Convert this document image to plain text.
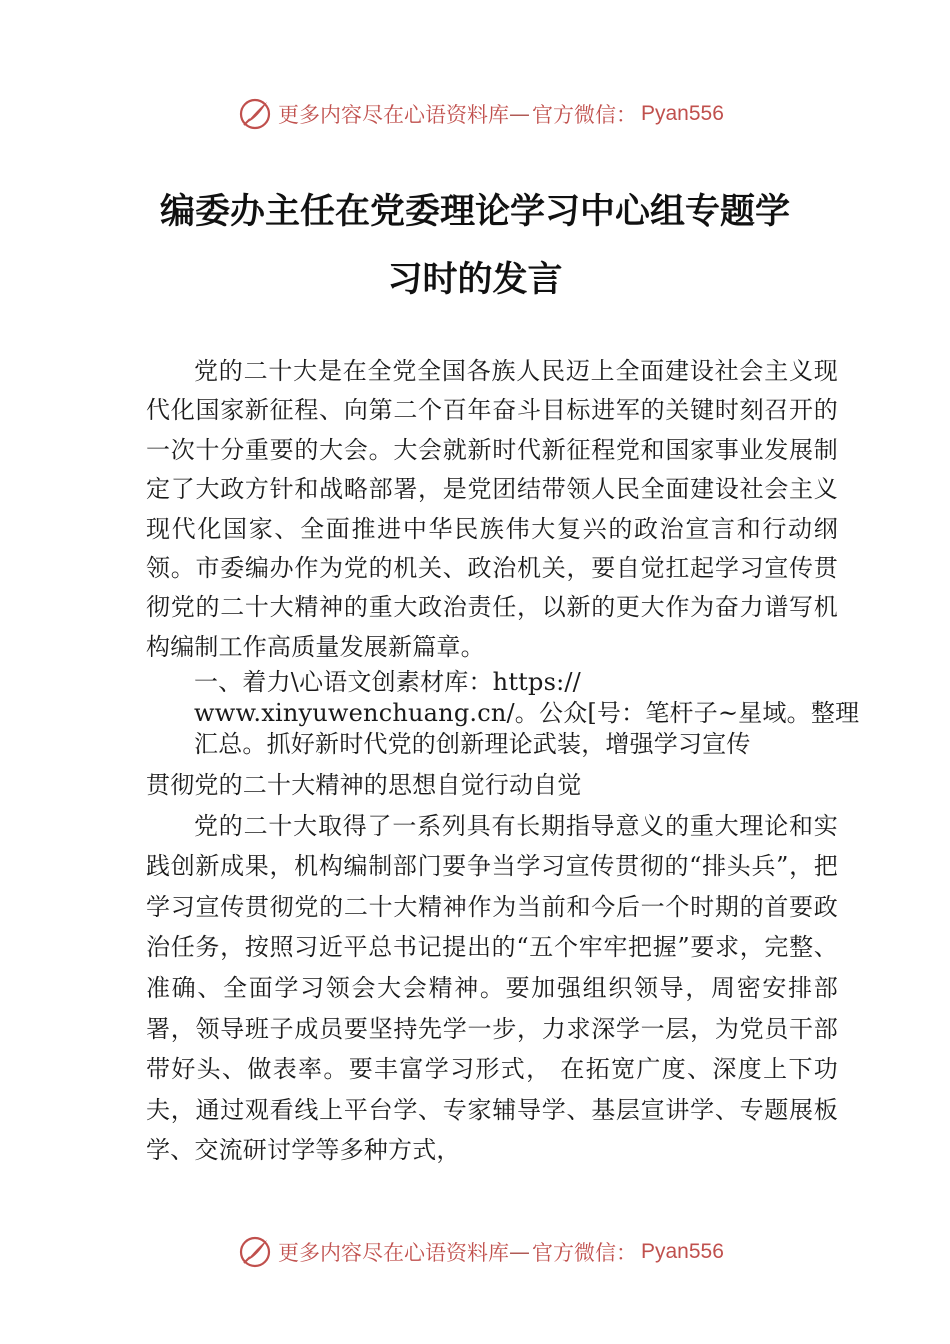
更多内容尽在心语资料库 — 官方微信： Pyan556
编委办主任在党委理论学习中心组专题学
习时的发言

党的二十大是在全党全国各族人民迈上全面建设社会主义现代化国家新征程、向第二个百年奋斗目标进军的关键时刻召开的一次十分重要的大会。大会就新时代新征程党和国家事业发展制定了大政方针和战略部署，是党团结带领人民全面建设社会主义现代化国家、全面推进中华民族伟大复兴的政治宣言和行动纲领。市委编办作为党的机关、政治机关，要自觉扛起学习宣传贯彻党的二十大精神的重大政治责任，以新的更大作为奋力谱写机构编制工作高质量发展新篇章。

一、着力\心语文创素材库：https://

www.xinyuwenchuang.cn/。公众[号：笔杆子~星域。整理

汇总。抓好新时代党的创新理论武装，增强学习宣传

贯彻党的二十大精神的思想自觉行动自觉

党的二十大取得了一系列具有长期指导意义的重大理论和实践创新成果，机构编制部门要争当学习宣传贯彻的“排头兵”，把学习宣传贯彻党的二十大精神作为当前和今后一个时期的首要政治任务，按照习近平总书记提出的“五个牢牢把握”要求，完整、准确、全面学习领会大会精神。要加强组织领导，周密安排部署，领导班子成员要坚持先学一步，力求深学一层，为党员干部带好头、做表率。要丰富学习形式， 在拓宽广度、深度上下功夫，通过观看线上平台学、专家辅导学、基层宣讲学、专题展板学、交流研讨学等多种方式，

更多内容尽在心语资料库 — 官方微信： Pyan556
